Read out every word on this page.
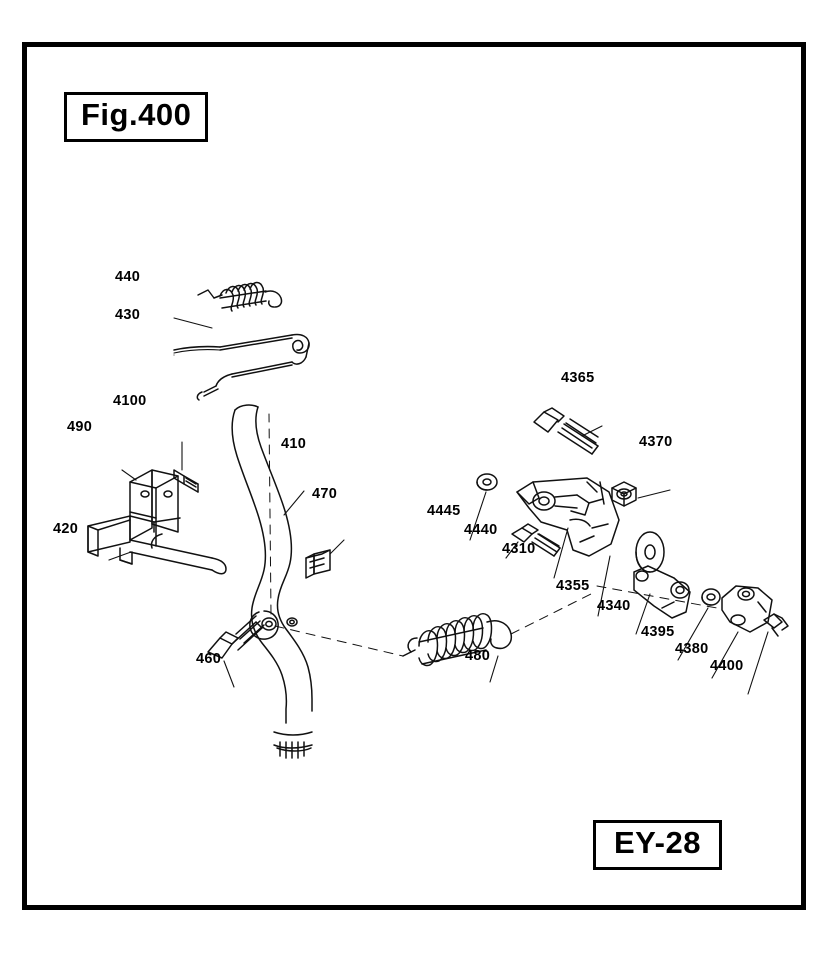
Fig.400
EY-28
440
430
4365
4100
490
4370
410
470
4445
420	4440
4310
4355
4340
4395
4380
4400
460	480
